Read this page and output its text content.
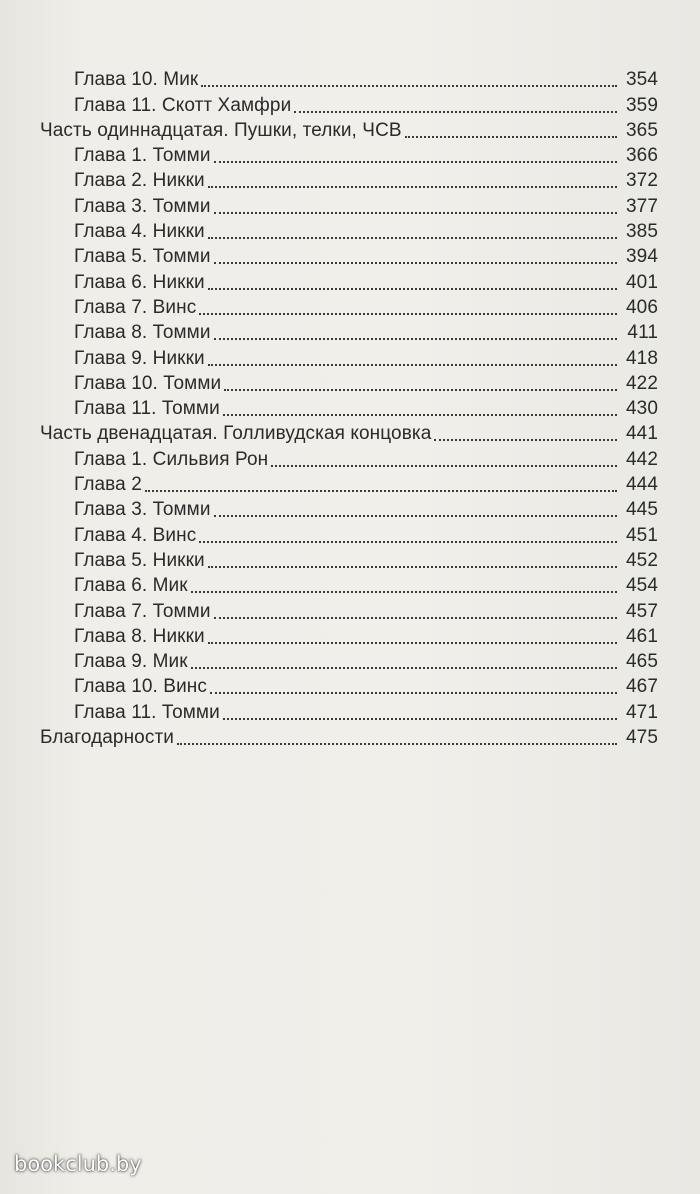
Глава 10. Мик	354
Глава 11. Скотт Хамфри	359
Часть одиннадцатая. Пушки, телки, ЧСВ	365
Глава 1. Томми	366
Глава 2. Никки	372
Глава 3. Томми	377
Глава 4. Никки	385
Глава 5. Томми	394
Глава 6. Никки	401
Глава 7. Винс	406
Глава 8. Томми	411
Глава 9. Никки	418
Глава 10. Томми	422
Глава 11. Томми	430
Часть двенадцатая. Голливудская концовка	441
Глава 1. Сильвия Рон	442
Глава 2	444
Глава 3. Томми	445
Глава 4. Винс	451
Глава 5. Никки	452
Глава 6. Мик	454
Глава 7. Томми	457
Глава 8. Никки	461
Глава 9. Мик	465
Глава 10. Винс	467
Глава 11. Томми	471
Благодарности	475
bookclub.by
